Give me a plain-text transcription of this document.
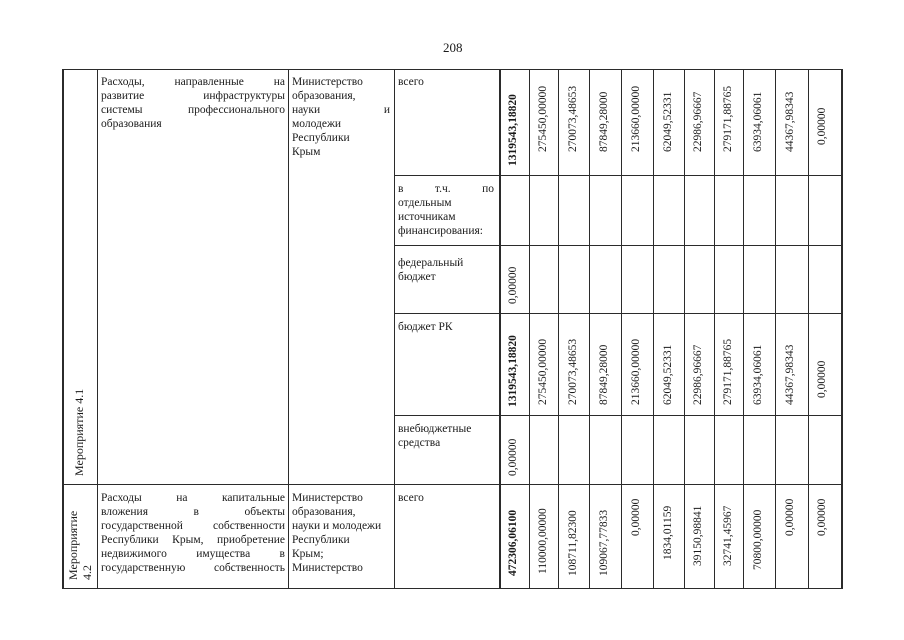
208
Мероприятие 4.1
Расходы, направленные на
развитие инфраструктуры
системы профессионального
образования
Министерство
образования,
науки и
молодежи
Республики
Крым
всего
в т.ч. по
отдельным
источникам
финансирования:
федеральный
бюджет
бюджет РК
внебюджетные
средства
1319543,18820 275450,00000 270073,48653 87849,28000 213660,00000 62049,52331 22986,96667 279171,88765 63934,06061 44367,98343 0,00000
0,00000
1319543,18820 275450,00000 270073,48653 87849,28000 213660,00000 62049,52331 22986,96667 279171,88765 63934,06061 44367,98343 0,00000
0,00000
Мероприятие 4.2
Расходы на капитальные
вложения в объекты
государственной собственности
Республики Крым, приобретение
недвижимого имущества в
государственную собственность
Министерство
образования,
науки и молодежи
Республики
Крым;
Министерство
всего
472306,06100 110000,00000 108711,82300 109067,77833 0,00000 1834,01159 39150,98841 32741,45967 70800,00000 0,00000 0,00000
